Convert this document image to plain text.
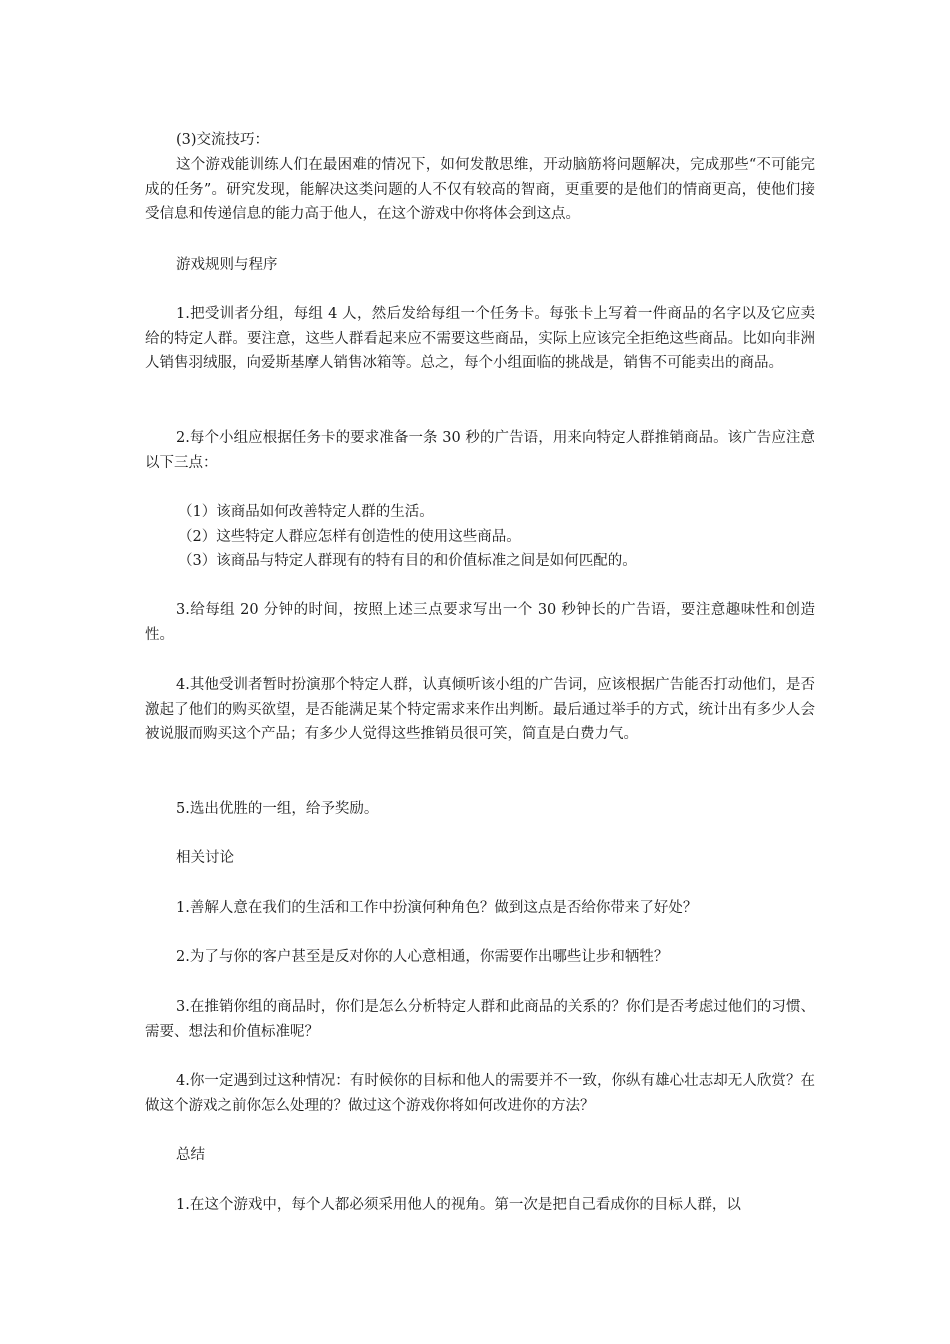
(3)交流技巧：
这个游戏能训练人们在最困难的情况下，如何发散思维，开动脑筋将问题解决，完成那些“不可能完成的任务”。研究发现，能解决这类问题的人不仅有较高的智商，更重要的是他们的情商更高，使他们接受信息和传递信息的能力高于他人，在这个游戏中你将体会到这点。
游戏规则与程序
1.把受训者分组，每组 4 人，然后发给每组一个任务卡。每张卡上写着一件商品的名字以及它应卖给的特定人群。要注意，这些人群看起来应不需要这些商品，实际上应该完全拒绝这些商品。比如向非洲人销售羽绒服，向爱斯基摩人销售冰箱等。总之，每个小组面临的挑战是，销售不可能卖出的商品。
2.每个小组应根据任务卡的要求准备一条 30 秒的广告语，用来向特定人群推销商品。该广告应注意以下三点：
（1）该商品如何改善特定人群的生活。
（2）这些特定人群应怎样有创造性的使用这些商品。
（3）该商品与特定人群现有的特有目的和价值标准之间是如何匹配的。
3.给每组 20 分钟的时间，按照上述三点要求写出一个 30 秒钟长的广告语，要注意趣味性和创造性。
4.其他受训者暂时扮演那个特定人群，认真倾听该小组的广告词，应该根据广告能否打动他们，是否激起了他们的购买欲望，是否能满足某个特定需求来作出判断。最后通过举手的方式，统计出有多少人会被说服而购买这个产品；有多少人觉得这些推销员很可笑，简直是白费力气。
5.选出优胜的一组，给予奖励。
相关讨论
1.善解人意在我们的生活和工作中扮演何种角色？做到这点是否给你带来了好处？
2.为了与你的客户甚至是反对你的人心意相通，你需要作出哪些让步和牺牲？
3.在推销你组的商品时，你们是怎么分析特定人群和此商品的关系的？你们是否考虑过他们的习惯、需要、想法和价值标准呢？
4.你一定遇到过这种情况：有时候你的目标和他人的需要并不一致，你纵有雄心壮志却无人欣赏？在做这个游戏之前你怎么处理的？做过这个游戏你将如何改进你的方法？
总结
1.在这个游戏中，每个人都必须采用他人的视角。第一次是把自己看成你的目标人群，以
